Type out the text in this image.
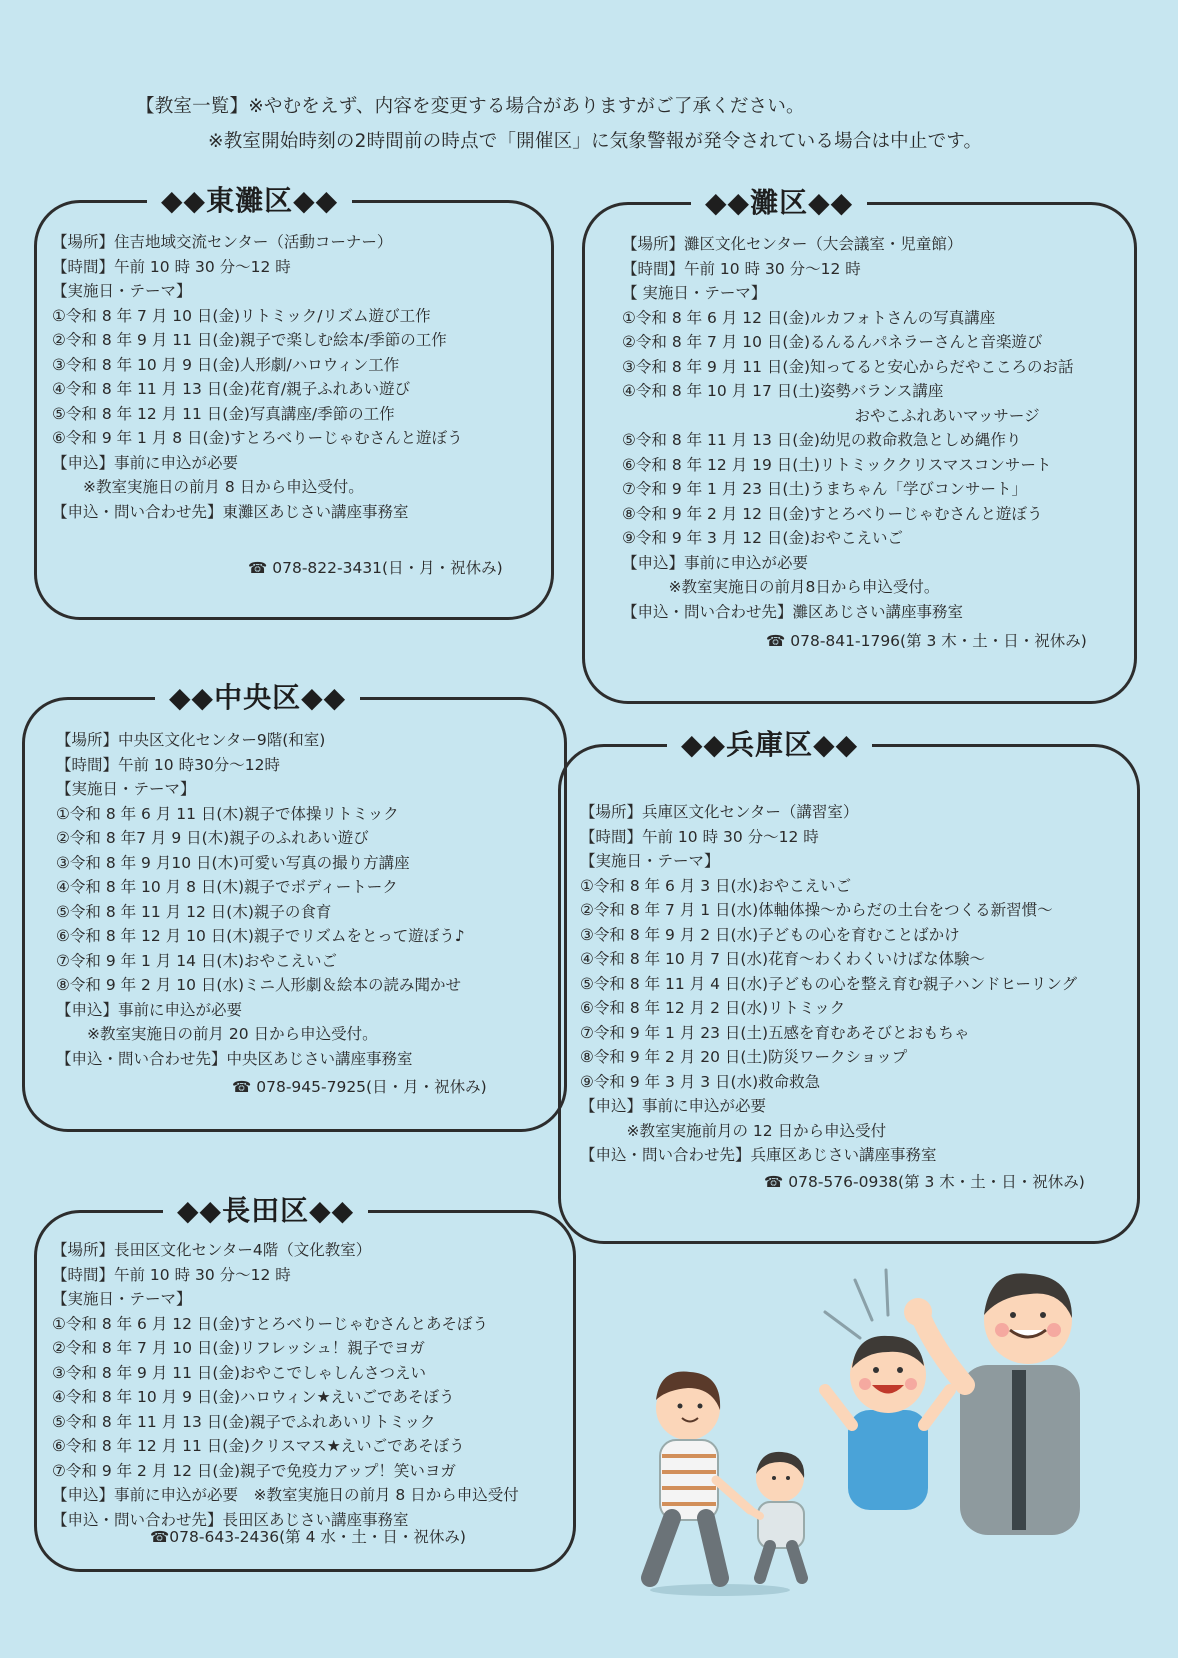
【教室一覧】※やむをえず、内容を変更する場合がありますがご了承ください。
※教室開始時刻の2時間前の時点で「開催区」に気象警報が発令されている場合は中止です。
◆◆東灘区◆◆
【場所】住吉地域交流センター（活動コーナー）
【時間】午前 10 時 30 分～12 時
【実施日・テーマ】
①令和 8 年 7 月 10 日(金)リトミック/リズム遊び工作
②令和 8 年 9 月 11 日(金)親子で楽しむ絵本/季節の工作
③令和 8 年 10 月 9 日(金)人形劇/ハロウィン工作
④令和 8 年 11 月 13 日(金)花育/親子ふれあい遊び
⑤令和 8 年 12 月 11 日(金)写真講座/季節の工作
⑥令和 9 年 1 月 8 日(金)すとろべりーじゃむさんと遊ぼう
【申込】事前に申込が必要
　　※教室実施日の前月 8 日から申込受付。
【申込・問い合わせ先】東灘区あじさい講座事務室
☎ 078-822-3431(日・月・祝休み)
◆◆灘区◆◆
【場所】灘区文化センター（大会議室・児童館）
【時間】午前 10 時 30 分～12 時
【 実施日・テーマ】
①令和 8 年 6 月 12 日(金)ルカフォトさんの写真講座
②令和 8 年 7 月 10 日(金)るんるんパネラーさんと音楽遊び
③令和 8 年 9 月 11 日(金)知ってると安心からだやこころのお話
④令和 8 年 10 月 17 日(土)姿勢バランス講座
　　　　　　　　　　　　　　　おやこふれあいマッサージ
⑤令和 8 年 11 月 13 日(金)幼児の救命救急としめ縄作り
⑥令和 8 年 12 月 19 日(土)リトミッククリスマスコンサート
⑦令和 9 年 1 月 23 日(土)うまちゃん「学びコンサート」
⑧令和 9 年 2 月 12 日(金)すとろべりーじゃむさんと遊ぼう
⑨令和 9 年 3 月 12 日(金)おやこえいご
【申込】事前に申込が必要
　　　※教室実施日の前月8日から申込受付。
【申込・問い合わせ先】灘区あじさい講座事務室
☎ 078-841-1796(第 3 木・土・日・祝休み)
◆◆中央区◆◆
【場所】中央区文化センター9階(和室)
【時間】午前 10 時30分～12時
【実施日・テーマ】
①令和 8 年 6 月 11 日(木)親子で体操リトミック
②令和 8 年7 月 9 日(木)親子のふれあい遊び
③令和 8 年 9 月10 日(木)可愛い写真の撮り方講座
④令和 8 年 10 月 8 日(木)親子でボディートーク
⑤令和 8 年 11 月 12 日(木)親子の食育
⑥令和 8 年 12 月 10 日(木)親子でリズムをとって遊ぼう♪
⑦令和 9 年 1 月 14 日(木)おやこえいご
⑧令和 9 年 2 月 10 日(水)ミニ人形劇＆絵本の読み聞かせ
【申込】事前に申込が必要
　　※教室実施日の前月 20 日から申込受付。
【申込・問い合わせ先】中央区あじさい講座事務室
☎ 078-945-7925(日・月・祝休み)
◆◆兵庫区◆◆
【場所】兵庫区文化センター（講習室）
【時間】午前 10 時 30 分～12 時
【実施日・テーマ】
①令和 8 年 6 月 3 日(水)おやこえいご
②令和 8 年 7 月 1 日(水)体軸体操～からだの土台をつくる新習慣～
③令和 8 年 9 月 2 日(水)子どもの心を育むことばかけ
④令和 8 年 10 月 7 日(水)花育～わくわくいけばな体験～
⑤令和 8 年 11 月 4 日(水)子どもの心を整え育む親子ハンドヒーリング
⑥令和 8 年 12 月 2 日(水)リトミック
⑦令和 9 年 1 月 23 日(土)五感を育むあそびとおもちゃ
⑧令和 9 年 2 月 20 日(土)防災ワークショップ
⑨令和 9 年 3 月 3 日(水)救命救急
【申込】事前に申込が必要
　　　※教室実施前月の 12 日から申込受付
【申込・問い合わせ先】兵庫区あじさい講座事務室
☎ 078-576-0938(第 3 木・土・日・祝休み)
◆◆長田区◆◆
【場所】長田区文化センター4階（文化教室）
【時間】午前 10 時 30 分～12 時
【実施日・テーマ】
①令和 8 年 6 月 12 日(金)すとろべりーじゃむさんとあそぼう
②令和 8 年 7 月 10 日(金)リフレッシュ！親子でヨガ
③令和 8 年 9 月 11 日(金)おやこでしゃしんさつえい
④令和 8 年 10 月 9 日(金)ハロウィン★えいごであそぼう
⑤令和 8 年 11 月 13 日(金)親子でふれあいリトミック
⑥令和 8 年 12 月 11 日(金)クリスマス★えいごであそぼう
⑦令和 9 年 2 月 12 日(金)親子で免疫力アップ！笑いヨガ
【申込】事前に申込が必要　※教室実施日の前月 8 日から申込受付
【申込・問い合わせ先】長田区あじさい講座事務室
☎078-643-2436(第 4 水・土・日・祝休み)
